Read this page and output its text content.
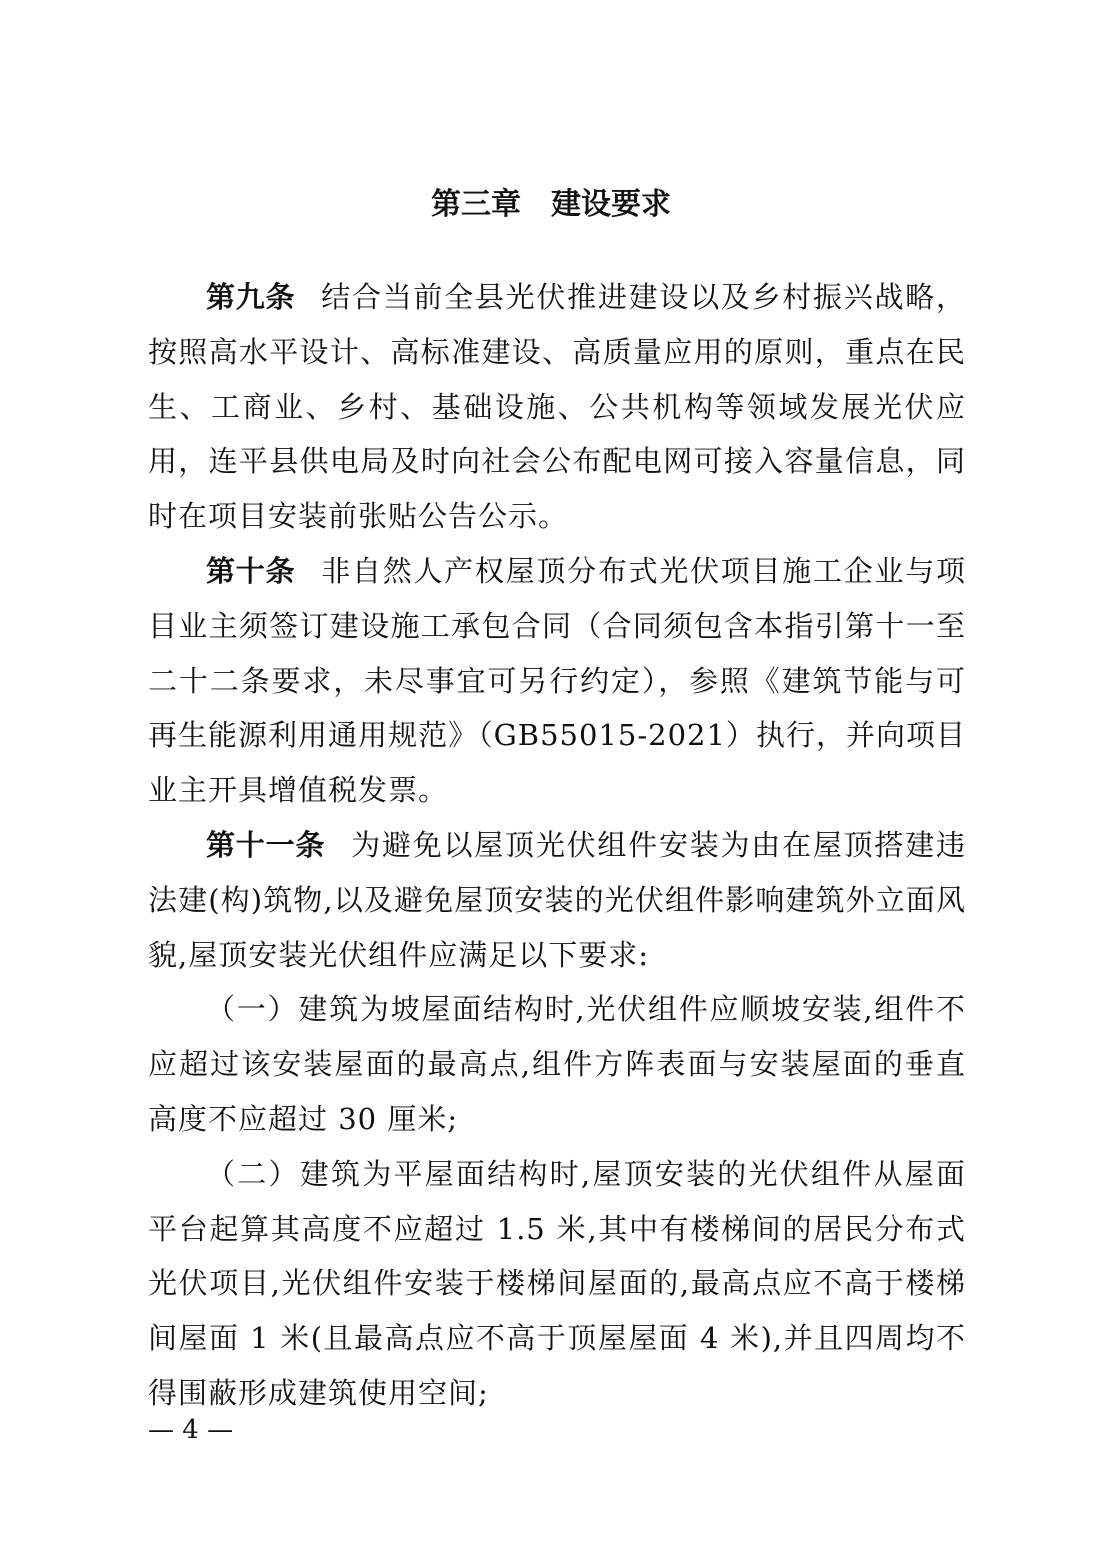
第三章　建设要求

第九条 结合当前全县光伏推进建设以及乡村振兴战略，按照高水平设计、高标准建设、高质量应用的原则，重点在民生、工商业、乡村、基础设施、公共机构等领域发展光伏应用，连平县供电局及时向社会公布配电网可接入容量信息，同时在项目安装前张贴公告公示。

第十条 非自然人产权屋顶分布式光伏项目施工企业与项目业主须签订建设施工承包合同（合同须包含本指引第十一至二十二条要求，未尽事宜可另行约定），参照《建筑节能与可再生能源利用通用规范》（GB55015-2021）执行，并向项目业主开具增值税发票。

第十一条 为避免以屋顶光伏组件安装为由在屋顶搭建违法建(构)筑物,以及避免屋顶安装的光伏组件影响建筑外立面风貌,屋顶安装光伏组件应满足以下要求:

（一）建筑为坡屋面结构时,光伏组件应顺坡安装,组件不应超过该安装屋面的最高点,组件方阵表面与安装屋面的垂直高度不应超过 30 厘米;

（二）建筑为平屋面结构时,屋顶安装的光伏组件从屋面平台起算其高度不应超过 1.5 米,其中有楼梯间的居民分布式光伏项目,光伏组件安装于楼梯间屋面的,最高点应不高于楼梯间屋面 1 米(且最高点应不高于顶屋屋面 4 米),并且四周均不得围蔽形成建筑使用空间;

— 4 —
